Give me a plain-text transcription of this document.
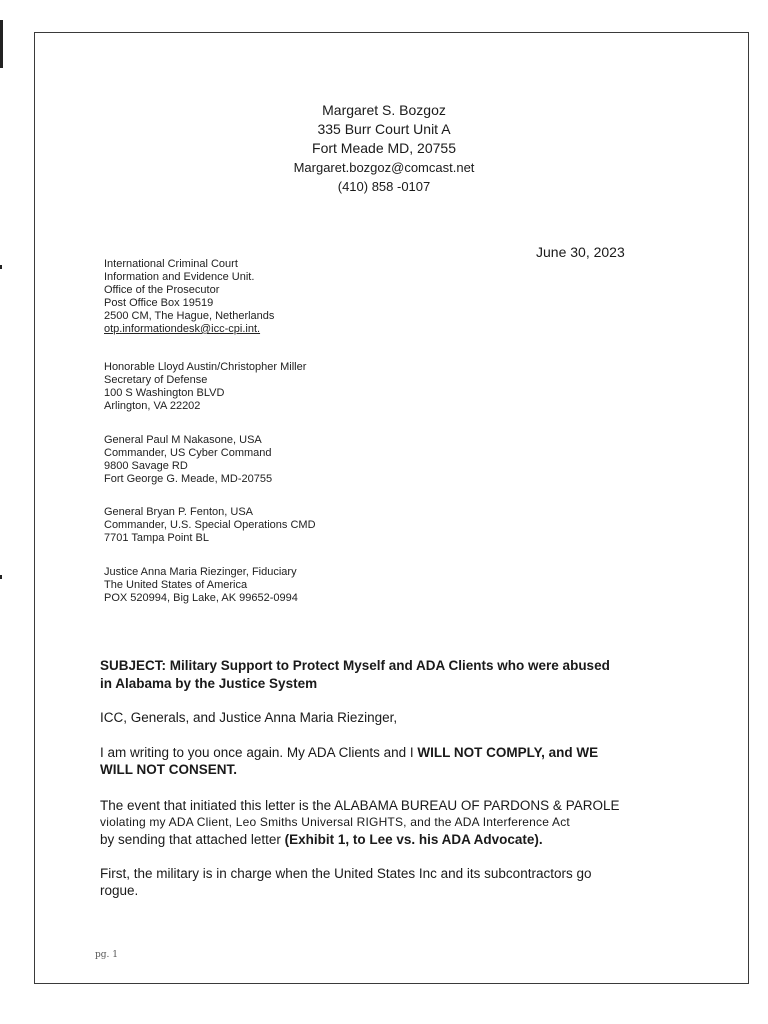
Margaret S. Bozgoz
335 Burr Court Unit A
Fort Meade MD, 20755
Margaret.bozgoz@comcast.net
(410) 858 -0107
June 30, 2023
International Criminal Court
Information and Evidence Unit.
Office of the Prosecutor
Post Office Box 19519
2500 CM, The Hague, Netherlands
otp.informationdesk@icc-cpi.int.
Honorable Lloyd Austin/Christopher Miller
Secretary of Defense
100 S Washington BLVD
Arlington, VA 22202
General Paul M Nakasone, USA
Commander, US Cyber Command
9800 Savage RD
Fort George G. Meade, MD-20755
General Bryan P. Fenton, USA
Commander, U.S. Special Operations CMD
7701 Tampa Point BL
Justice Anna Maria Riezinger, Fiduciary
The United States of America
POX 520994, Big Lake, AK 99652-0994
SUBJECT: Military Support to Protect Myself and ADA Clients who were abused
in Alabama by the Justice System
ICC, Generals, and Justice Anna Maria Riezinger,
I am writing to you once again. My ADA Clients and I WILL NOT COMPLY, and WE
WILL NOT CONSENT.
The event that initiated this letter is the ALABAMA BUREAU OF PARDONS & PAROLE
violating my ADA Client, Leo Smiths Universal RIGHTS, and the ADA Interference Act
by sending that attached letter (Exhibit 1, to Lee vs. his ADA Advocate).
First, the military is in charge when the United States Inc and its subcontractors go
rogue.
pg. 1
